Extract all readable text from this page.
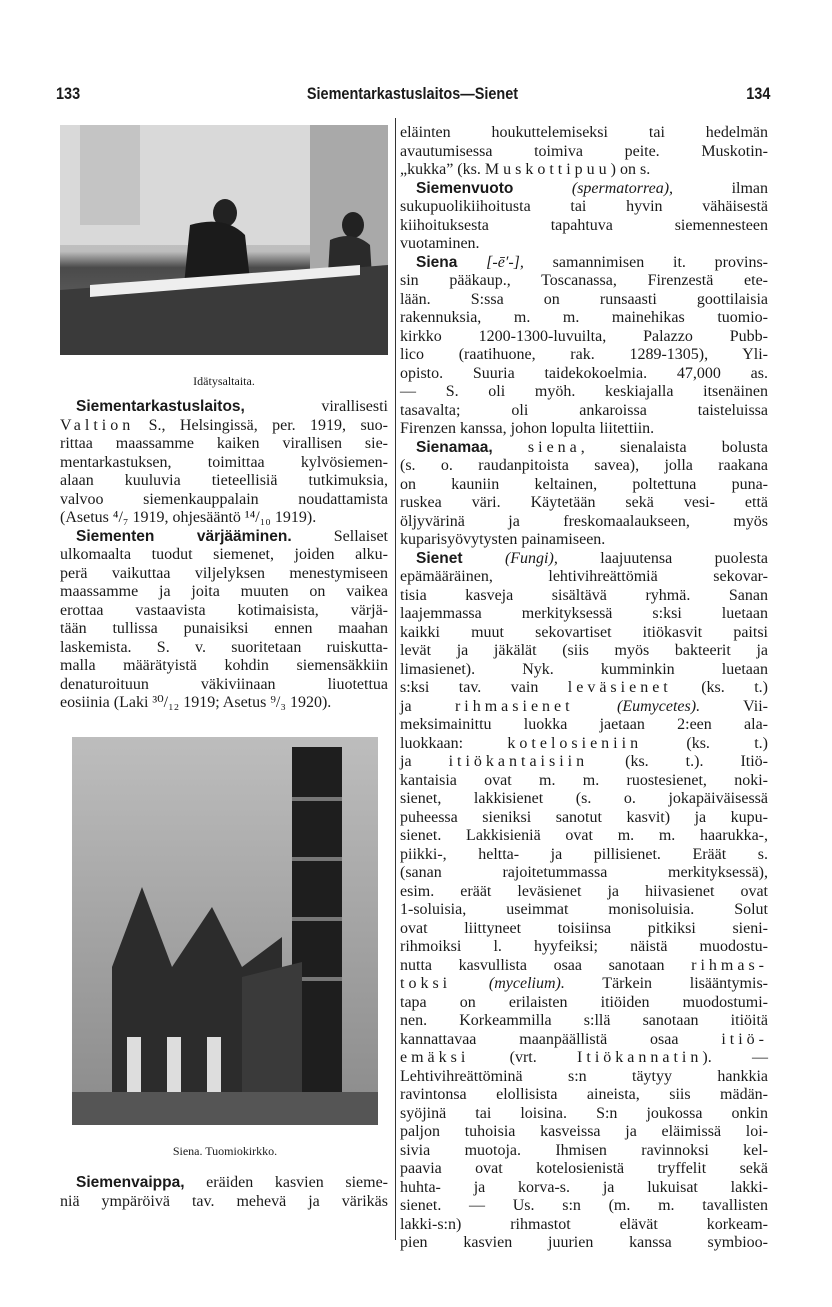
133	Siementarkastuslaitos—Sienet	134
Idätysaltaita.
Siementarkastuslaitos, virallisesti
Valtion S., Helsingissä, per. 1919, suo-
rittaa maassamme kaiken virallisen sie-
mentarkastuksen, toimittaa kylvösiemen-
alaan kuuluvia tieteellisiä tutkimuksia,
valvoo siemenkauppalain noudattamista
(Asetus ⁴/₇ 1919, ohjesääntö ¹⁴/₁₀ 1919).
Siementen värjääminen. Sellaiset
ulkomaalta tuodut siemenet, joiden alku-
perä vaikuttaa viljelyksen menestymiseen
maassamme ja joita muuten on vaikea
erottaa vastaavista kotimaisista, värjä-
tään tullissa punaisiksi ennen maahan
laskemista. S. v. suoritetaan ruiskutta-
malla määrätyistä kohdin siemensäkkiin
denaturoituun väkiviinaan liuotettua
eosiinia (Laki ³⁰/₁₂ 1919; Asetus ⁹/₃ 1920).
Siena. Tuomiokirkko.
Siemenvaippa, eräiden kasvien sieme-
niä ympäröivä tav. mehevä ja värikäs
eläinten houkuttelemiseksi tai hedelmän
avautumisessa toimiva peite. Muskotin-
„kukka” (ks. Muskottipuu) on s.
Siemenvuoto	(spermatorrea), ilman
sukupuolikiihoitusta tai hyvin vähäisestä
kiihoituksesta tapahtuva siemennesteen
vuotaminen.
Siena [-ē′-], samannimisen it. provins-
sin pääkaup., Toscanassa, Firenzestä ete-
lään. S:ssa on runsaasti goottilaisia
rakennuksia, m. m. mainehikas tuomio-
kirkko 1200-1300-luvuilta, Palazzo Pubb-
lico (raatihuone, rak. 1289-1305), Yli-
opisto. Suuria taidekokoelmia. 47,000 as.
— S. oli myöh. keskiajalla itsenäinen
tasavalta; oli ankaroissa taisteluissa
Firenzen kanssa, johon lopulta liitettiin.
Sienamaa, siena, sienalaista bolusta
(s. o. raudanpitoista savea), jolla raakana
on kauniin keltainen, poltettuna puna-
ruskea väri. Käytetään sekä vesi- että
öljyvärinä ja freskomaalaukseen, myös
kuparisyövytysten painamiseen.
Sienet	(Fungi), laajuutensa puolesta
epämääräinen, lehtivihreättömiä sekovar-
tisia kasveja sisältävä ryhmä. Sanan
laajemmassa merkityksessä s:ksi luetaan
kaikki muut sekovartiset itiökasvit paitsi
levät ja jäkälät (siis myös bakteerit ja
limasienet). Nyk. kumminkin luetaan
s:ksi tav. vain leväsienet (ks. t.)
ja rihmasienet	(Eumycetes). Vii-
meksimainittu luokka jaetaan 2:een ala-
luokkaan: kotelosieniin (ks. t.)
ja itiökantaisiin (ks. t.). Itiö-
kantaisia ovat m. m. ruostesienet, noki-
sienet, lakkisienet (s. o. jokapäiväisessä
puheessa sieniksi sanotut kasvit) ja kupu-
sienet. Lakkisieniä ovat m. m. haarukka-,
piikki-, heltta- ja pillisienet. Eräät s.
(sanan rajoitetummassa merkityksessä),
esim. eräät leväsienet ja hiivasienet ovat
1-soluisia, useimmat monisoluisia. Solut
ovat liittyneet toisiinsa pitkiksi sieni-
rihmoiksi l. hyyfeiksi; näistä muodostu-
nutta kasvullista osaa sanotaan rihmas-
toksi (mycelium). Tärkein lisääntymis-
tapa on erilaisten itiöiden muodostumi-
nen. Korkeammilla s:llä sanotaan itiöitä
kannattavaa maanpäällistä osaa itiö-
emäksi (vrt. Itiökannatin). —
Lehtivihreättöminä s:n täytyy hankkia
ravintonsa elollisista aineista, siis mädän-
syöjinä tai loisina. S:n joukossa onkin
paljon tuhoisia kasveissa ja eläimissä loi-
sivia muotoja. Ihmisen ravinnoksi kel-
paavia ovat kotelosienistä tryffelit sekä
huhta- ja korva-s. ja lukuisat lakki-
sienet. — Us. s:n (m. m. tavallisten
lakki-s:n) rihmastot elävät korkeam-
pien kasvien juurien kanssa symbioo-
